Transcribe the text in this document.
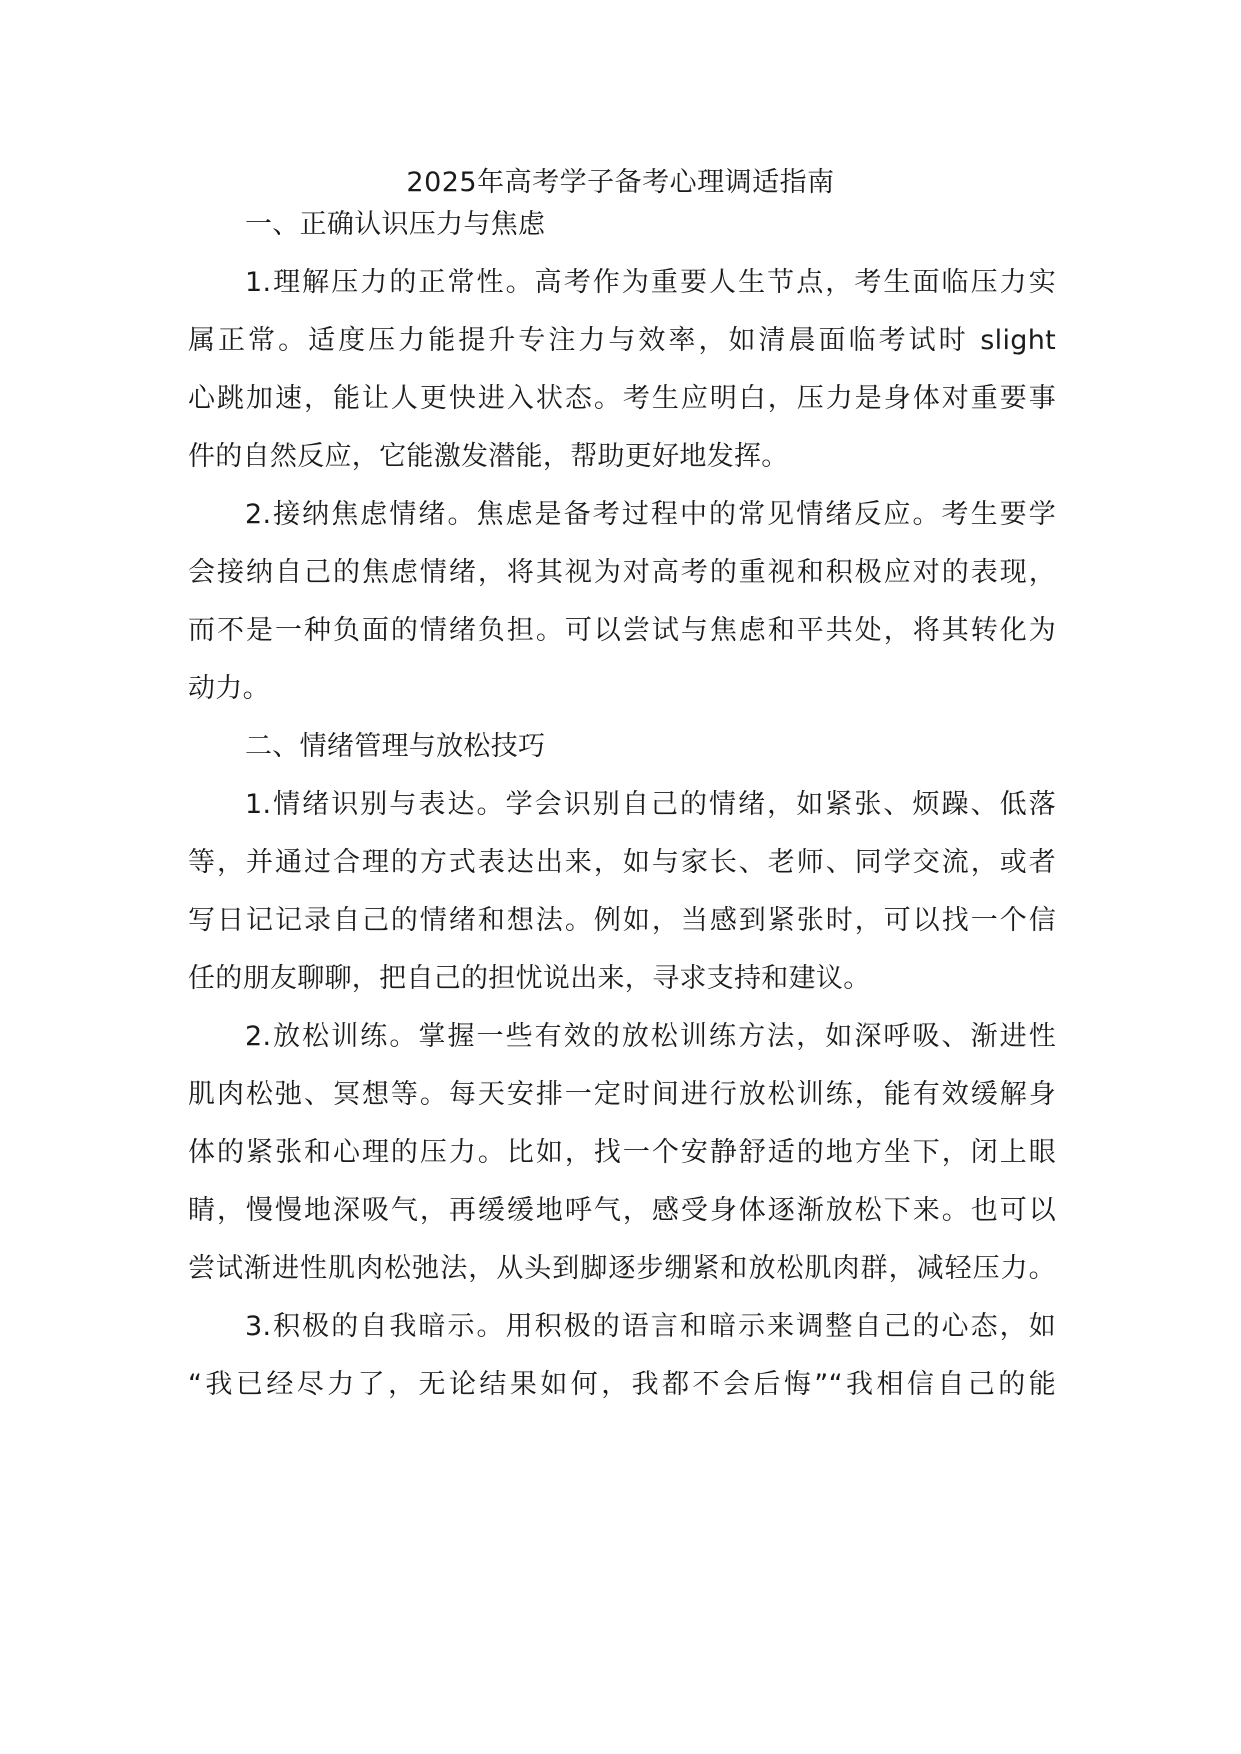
2025年高考学子备考心理调适指南
一、正确认识压力与焦虑
1.理解压力的正常性。高考作为重要人生节点，考生面临压力实
属正常。适度压力能提升专注力与效率，如清晨面临考试时 slight
心跳加速，能让人更快进入状态。考生应明白，压力是身体对重要事
件的自然反应，它能激发潜能，帮助更好地发挥。
2.接纳焦虑情绪。焦虑是备考过程中的常见情绪反应。考生要学
会接纳自己的焦虑情绪，将其视为对高考的重视和积极应对的表现，
而不是一种负面的情绪负担。可以尝试与焦虑和平共处，将其转化为
动力。
二、情绪管理与放松技巧
1.情绪识别与表达。学会识别自己的情绪，如紧张、烦躁、低落
等，并通过合理的方式表达出来，如与家长、老师、同学交流，或者
写日记记录自己的情绪和想法。例如，当感到紧张时，可以找一个信
任的朋友聊聊，把自己的担忧说出来，寻求支持和建议。
2.放松训练。掌握一些有效的放松训练方法，如深呼吸、渐进性
肌肉松弛、冥想等。每天安排一定时间进行放松训练，能有效缓解身
体的紧张和心理的压力。比如，找一个安静舒适的地方坐下，闭上眼
睛，慢慢地深吸气，再缓缓地呼气，感受身体逐渐放松下来。也可以
尝试渐进性肌肉松弛法，从头到脚逐步绷紧和放松肌肉群，减轻压力。
3.积极的自我暗示。用积极的语言和暗示来调整自己的心态，如
“我已经尽力了，无论结果如何，我都不会后悔”“我相信自己的能
